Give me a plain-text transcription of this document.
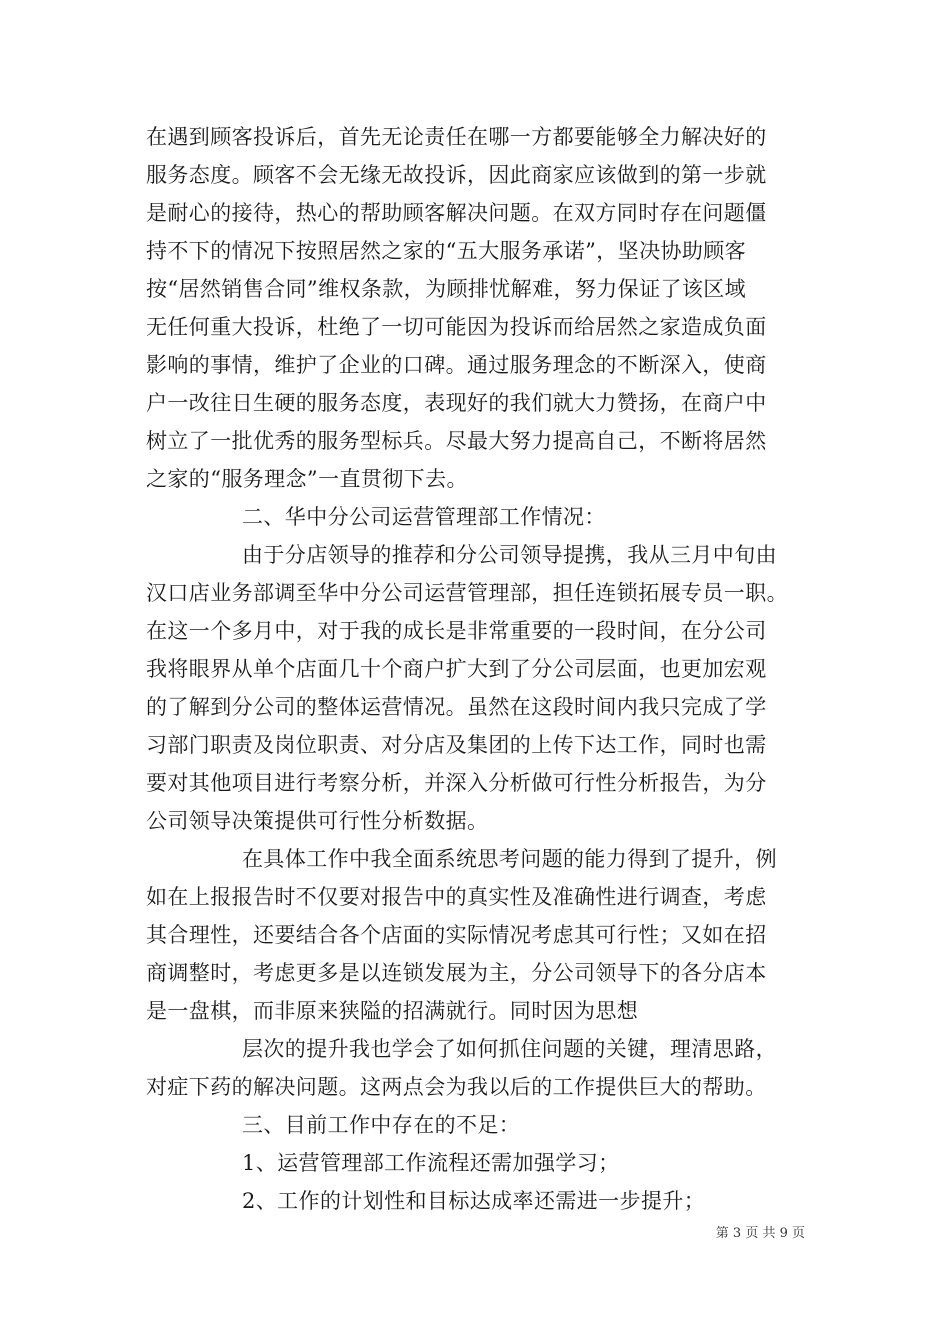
在遇到顾客投诉后，首先无论责任在哪一方都要能够全力解决好的
服务态度。顾客不会无缘无故投诉，因此商家应该做到的第一步就
是耐心的接待，热心的帮助顾客解决问题。在双方同时存在问题僵
持不下的情况下按照居然之家的“五大服务承诺”，坚决协助顾客
按“居然销售合同”维权条款，为顾排忧解难，努力保证了该区域
无任何重大投诉，杜绝了一切可能因为投诉而给居然之家造成负面
影响的事情，维护了企业的口碑。通过服务理念的不断深入，使商
户一改往日生硬的服务态度，表现好的我们就大力赞扬，在商户中
树立了一批优秀的服务型标兵。尽最大努力提高自己，不断将居然
之家的“服务理念”一直贯彻下去。
二、华中分公司运营管理部工作情况：
由于分店领导的推荐和分公司领导提携，我从三月中旬由
汉口店业务部调至华中分公司运营管理部，担任连锁拓展专员一职。
在这一个多月中，对于我的成长是非常重要的一段时间，在分公司
我将眼界从单个店面几十个商户扩大到了分公司层面，也更加宏观
的了解到分公司的整体运营情况。虽然在这段时间内我只完成了学
习部门职责及岗位职责、对分店及集团的上传下达工作，同时也需
要对其他项目进行考察分析，并深入分析做可行性分析报告，为分
公司领导决策提供可行性分析数据。
在具体工作中我全面系统思考问题的能力得到了提升，例
如在上报报告时不仅要对报告中的真实性及准确性进行调查，考虑
其合理性，还要结合各个店面的实际情况考虑其可行性；又如在招
商调整时，考虑更多是以连锁发展为主，分公司领导下的各分店本
是一盘棋，而非原来狭隘的招满就行。同时因为思想
层次的提升我也学会了如何抓住问题的关键，理清思路，
对症下药的解决问题。这两点会为我以后的工作提供巨大的帮助。
三、目前工作中存在的不足：
1、运营管理部工作流程还需加强学习；
2、工作的计划性和目标达成率还需进一步提升；
第 3 页 共 9 页
